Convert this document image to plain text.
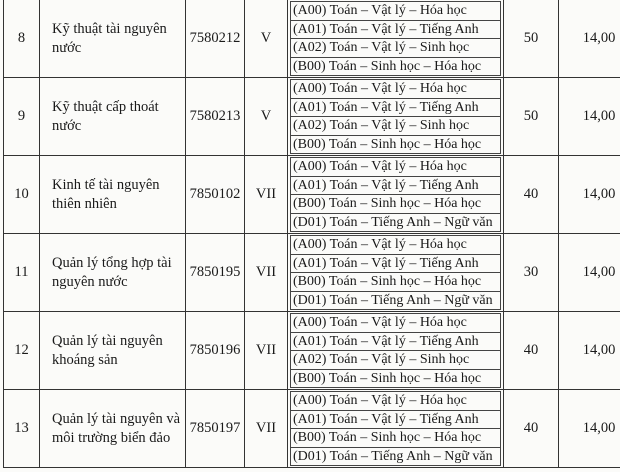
8	Kỹ thuật tài nguyên nước	7580212	V	(A00) Toán – Vật lý – Hóa học
(A01) Toán – Vật lý – Tiếng Anh
(A02) Toán – Vật lý – Sinh học
(B00) Toán – Sinh học – Hóa học	50	14,00
9	Kỹ thuật cấp thoát nước	7580213	V	(A00) Toán – Vật lý – Hóa học
(A01) Toán – Vật lý – Tiếng Anh
(A02) Toán – Vật lý – Sinh học
(B00) Toán – Sinh học – Hóa học	50	14,00
10	Kinh tế tài nguyên thiên nhiên	7850102	VII	(A00) Toán – Vật lý – Hóa học
(A01) Toán – Vật lý – Tiếng Anh
(B00) Toán – Sinh học – Hóa học
(D01) Toán – Tiếng Anh – Ngữ văn	40	14,00
11	Quản lý tổng hợp tài nguyên nước	7850195	VII	(A00) Toán – Vật lý – Hóa học
(A01) Toán – Vật lý – Tiếng Anh
(B00) Toán – Sinh học – Hóa học
(D01) Toán – Tiếng Anh – Ngữ văn	30	14,00
12	Quản lý tài nguyên khoáng sản	7850196	VII	(A00) Toán – Vật lý – Hóa học
(A01) Toán – Vật lý – Tiếng Anh
(A02) Toán – Vật lý – Sinh học
(B00) Toán – Sinh học – Hóa học	40	14,00
13	Quản lý tài nguyên và môi trường biển đảo	7850197	VII	(A00) Toán – Vật lý – Hóa học
(A01) Toán – Vật lý – Tiếng Anh
(B00) Toán – Sinh học – Hóa học
(D01) Toán – Tiếng Anh – Ngữ văn	40	14,00
